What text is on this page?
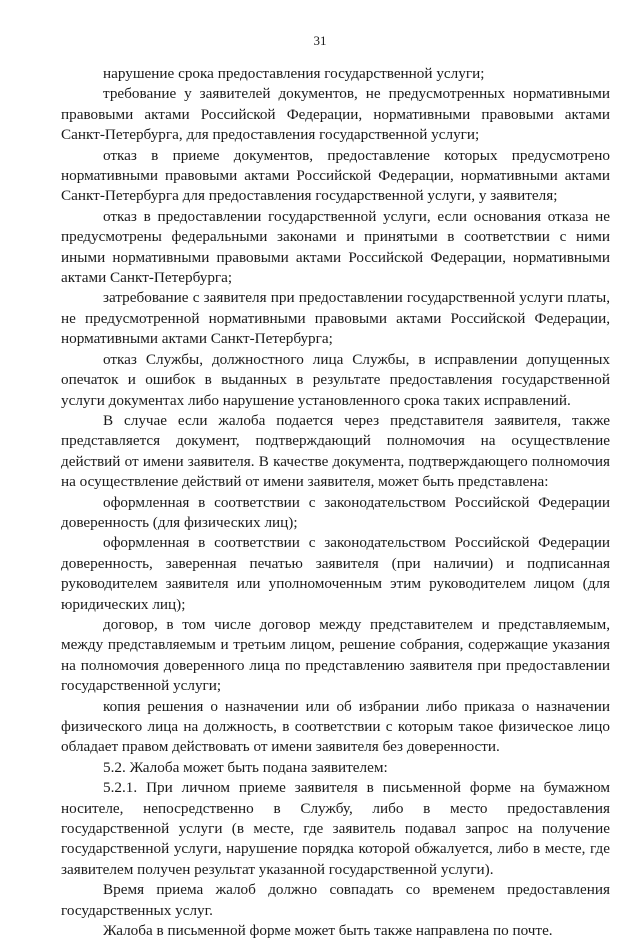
31

нарушение срока предоставления государственной услуги;

требование у заявителей документов, не предусмотренных нормативными правовыми актами Российской Федерации, нормативными правовыми актами Санкт-Петербурга, для предоставления государственной услуги;

отказ в приеме документов, предоставление которых предусмотрено нормативными правовыми актами Российской Федерации, нормативными актами Санкт-Петербурга для предоставления государственной услуги, у заявителя;

отказ в предоставлении государственной услуги, если основания отказа не предусмотрены федеральными законами и принятыми в соответствии с ними иными нормативными правовыми актами Российской Федерации, нормативными актами Санкт-Петербурга;

затребование с заявителя при предоставлении государственной услуги платы, не предусмотренной нормативными правовыми актами Российской Федерации, нормативными актами Санкт-Петербурга;

отказ Службы, должностного лица Службы, в исправлении допущенных опечаток и ошибок в выданных в результате предоставления государственной услуги документах либо нарушение установленного срока таких исправлений.

В случае если жалоба подается через представителя заявителя, также представляется документ, подтверждающий полномочия на осуществление действий от имени заявителя. В качестве документа, подтверждающего полномочия на осуществление действий от имени заявителя, может быть представлена:

оформленная в соответствии с законодательством Российской Федерации доверенность (для физических лиц);

оформленная в соответствии с законодательством Российской Федерации доверенность, заверенная печатью заявителя (при наличии) и подписанная руководителем заявителя или уполномоченным этим руководителем лицом (для юридических лиц);

договор, в том числе договор между представителем и представляемым, между представляемым и третьим лицом, решение собрания, содержащие указания на полномочия доверенного лица по представлению заявителя при предоставлении государственной услуги;

копия решения о назначении или об избрании либо приказа о назначении физического лица на должность, в соответствии с которым такое физическое лицо обладает правом действовать от имени заявителя без доверенности.

5.2. Жалоба может быть подана заявителем:

5.2.1. При личном приеме заявителя в письменной форме на бумажном носителе, непосредственно в Службу, либо в место предоставления государственной услуги (в месте, где заявитель подавал запрос на получение государственной услуги, нарушение порядка которой обжалуется, либо в месте, где заявителем получен результат указанной государственной услуги).

Время приема жалоб должно совпадать со временем предоставления государственных услуг.

Жалоба в письменной форме может быть также направлена по почте.
